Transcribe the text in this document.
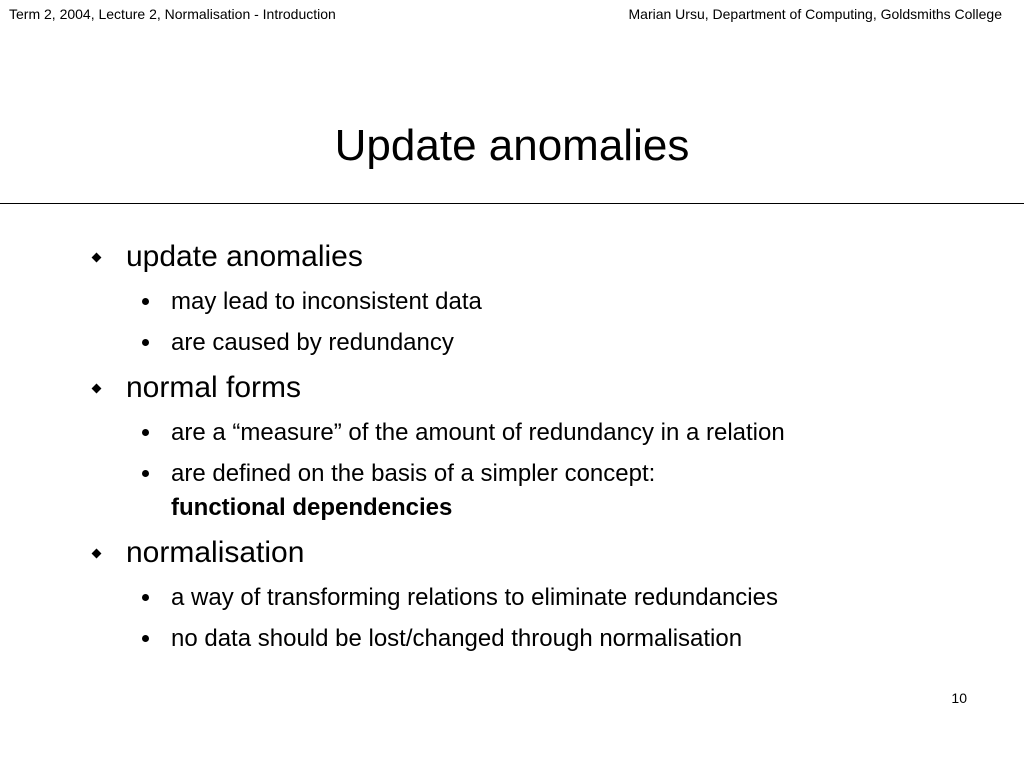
Term 2, 2004, Lecture 2, Normalisation - Introduction	Marian Ursu, Department of Computing, Goldsmiths College
Update anomalies
update anomalies
may lead to inconsistent data
are caused by redundancy
normal forms
are a “measure” of the amount of redundancy in a relation
are defined on the basis of a simpler concept:
functional dependencies
normalisation
a way of transforming relations to eliminate redundancies
no data should be lost/changed through normalisation
10
